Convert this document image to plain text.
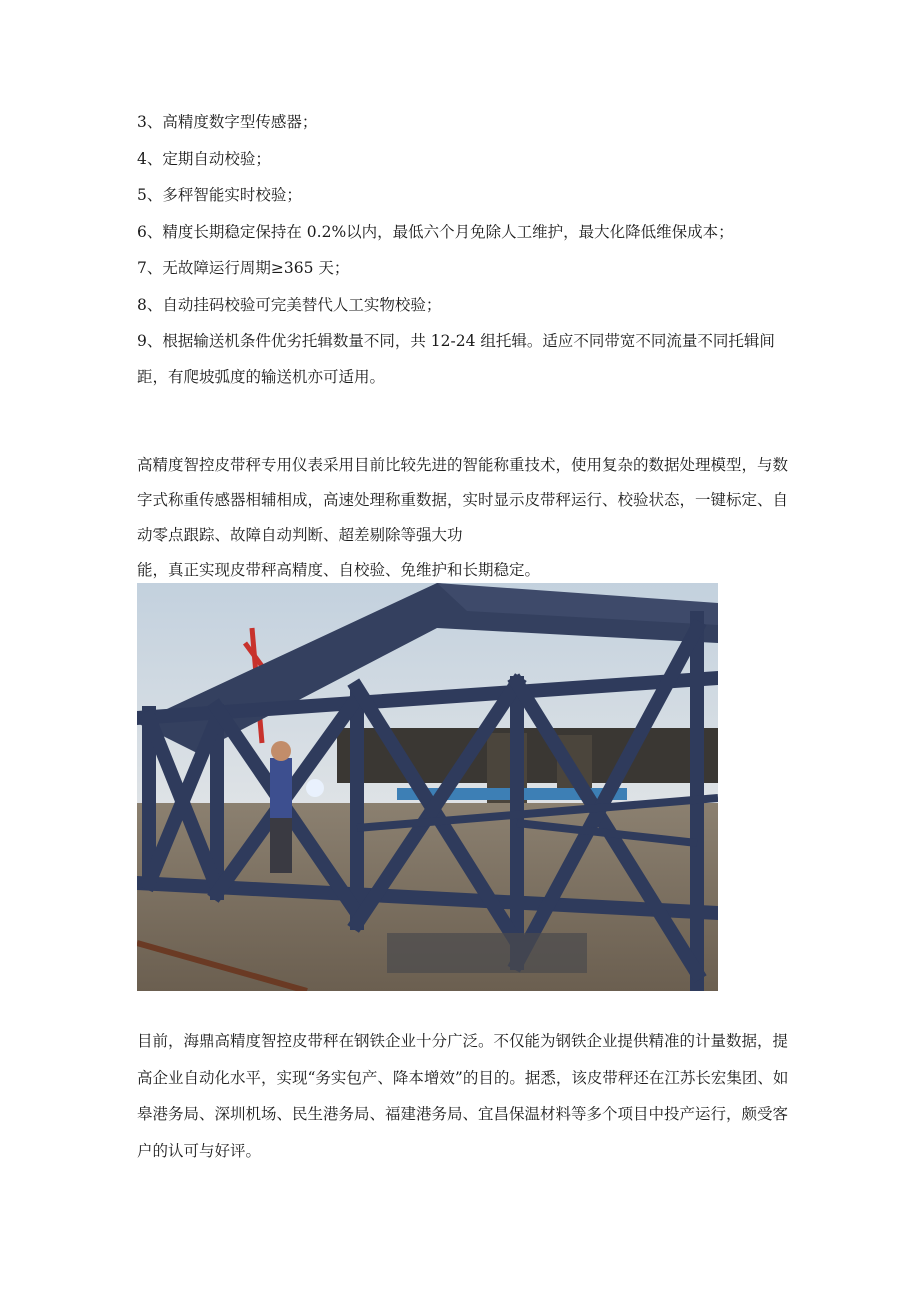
3、高精度数字型传感器；
4、定期自动校验；
5、多秤智能实时校验；
6、精度长期稳定保持在 0.2%以内，最低六个月免除人工维护，最大化降低维保成本；
7、无故障运行周期≥365 天；
8、自动挂码校验可完美替代人工实物校验；
9、根据输送机条件优劣托辑数量不同，共 12-24 组托辑。适应不同带宽不同流量不同托辑间距，有爬坡弧度的输送机亦可适用。
高精度智控皮带秤专用仪表采用目前比较先进的智能称重技术，使用复杂的数据处理模型，与数字式称重传感器相辅相成，高速处理称重数据，实时显示皮带秤运行、校验状态，一键标定、自动零点跟踪、故障自动判断、超差剔除等强大功
能，真正实现皮带秤高精度、自校验、免维护和长期稳定。
目前，海鼎高精度智控皮带秤在钢铁企业十分广泛。不仅能为钢铁企业提供精准的计量数据，提高企业自动化水平，实现“务实包产、降本增效”的目的。据悉，该皮带秤还在江苏长宏集团、如皋港务局、深圳机场、民生港务局、福建港务局、宜昌保温材料等多个项目中投产运行，颇受客户的认可与好评。
